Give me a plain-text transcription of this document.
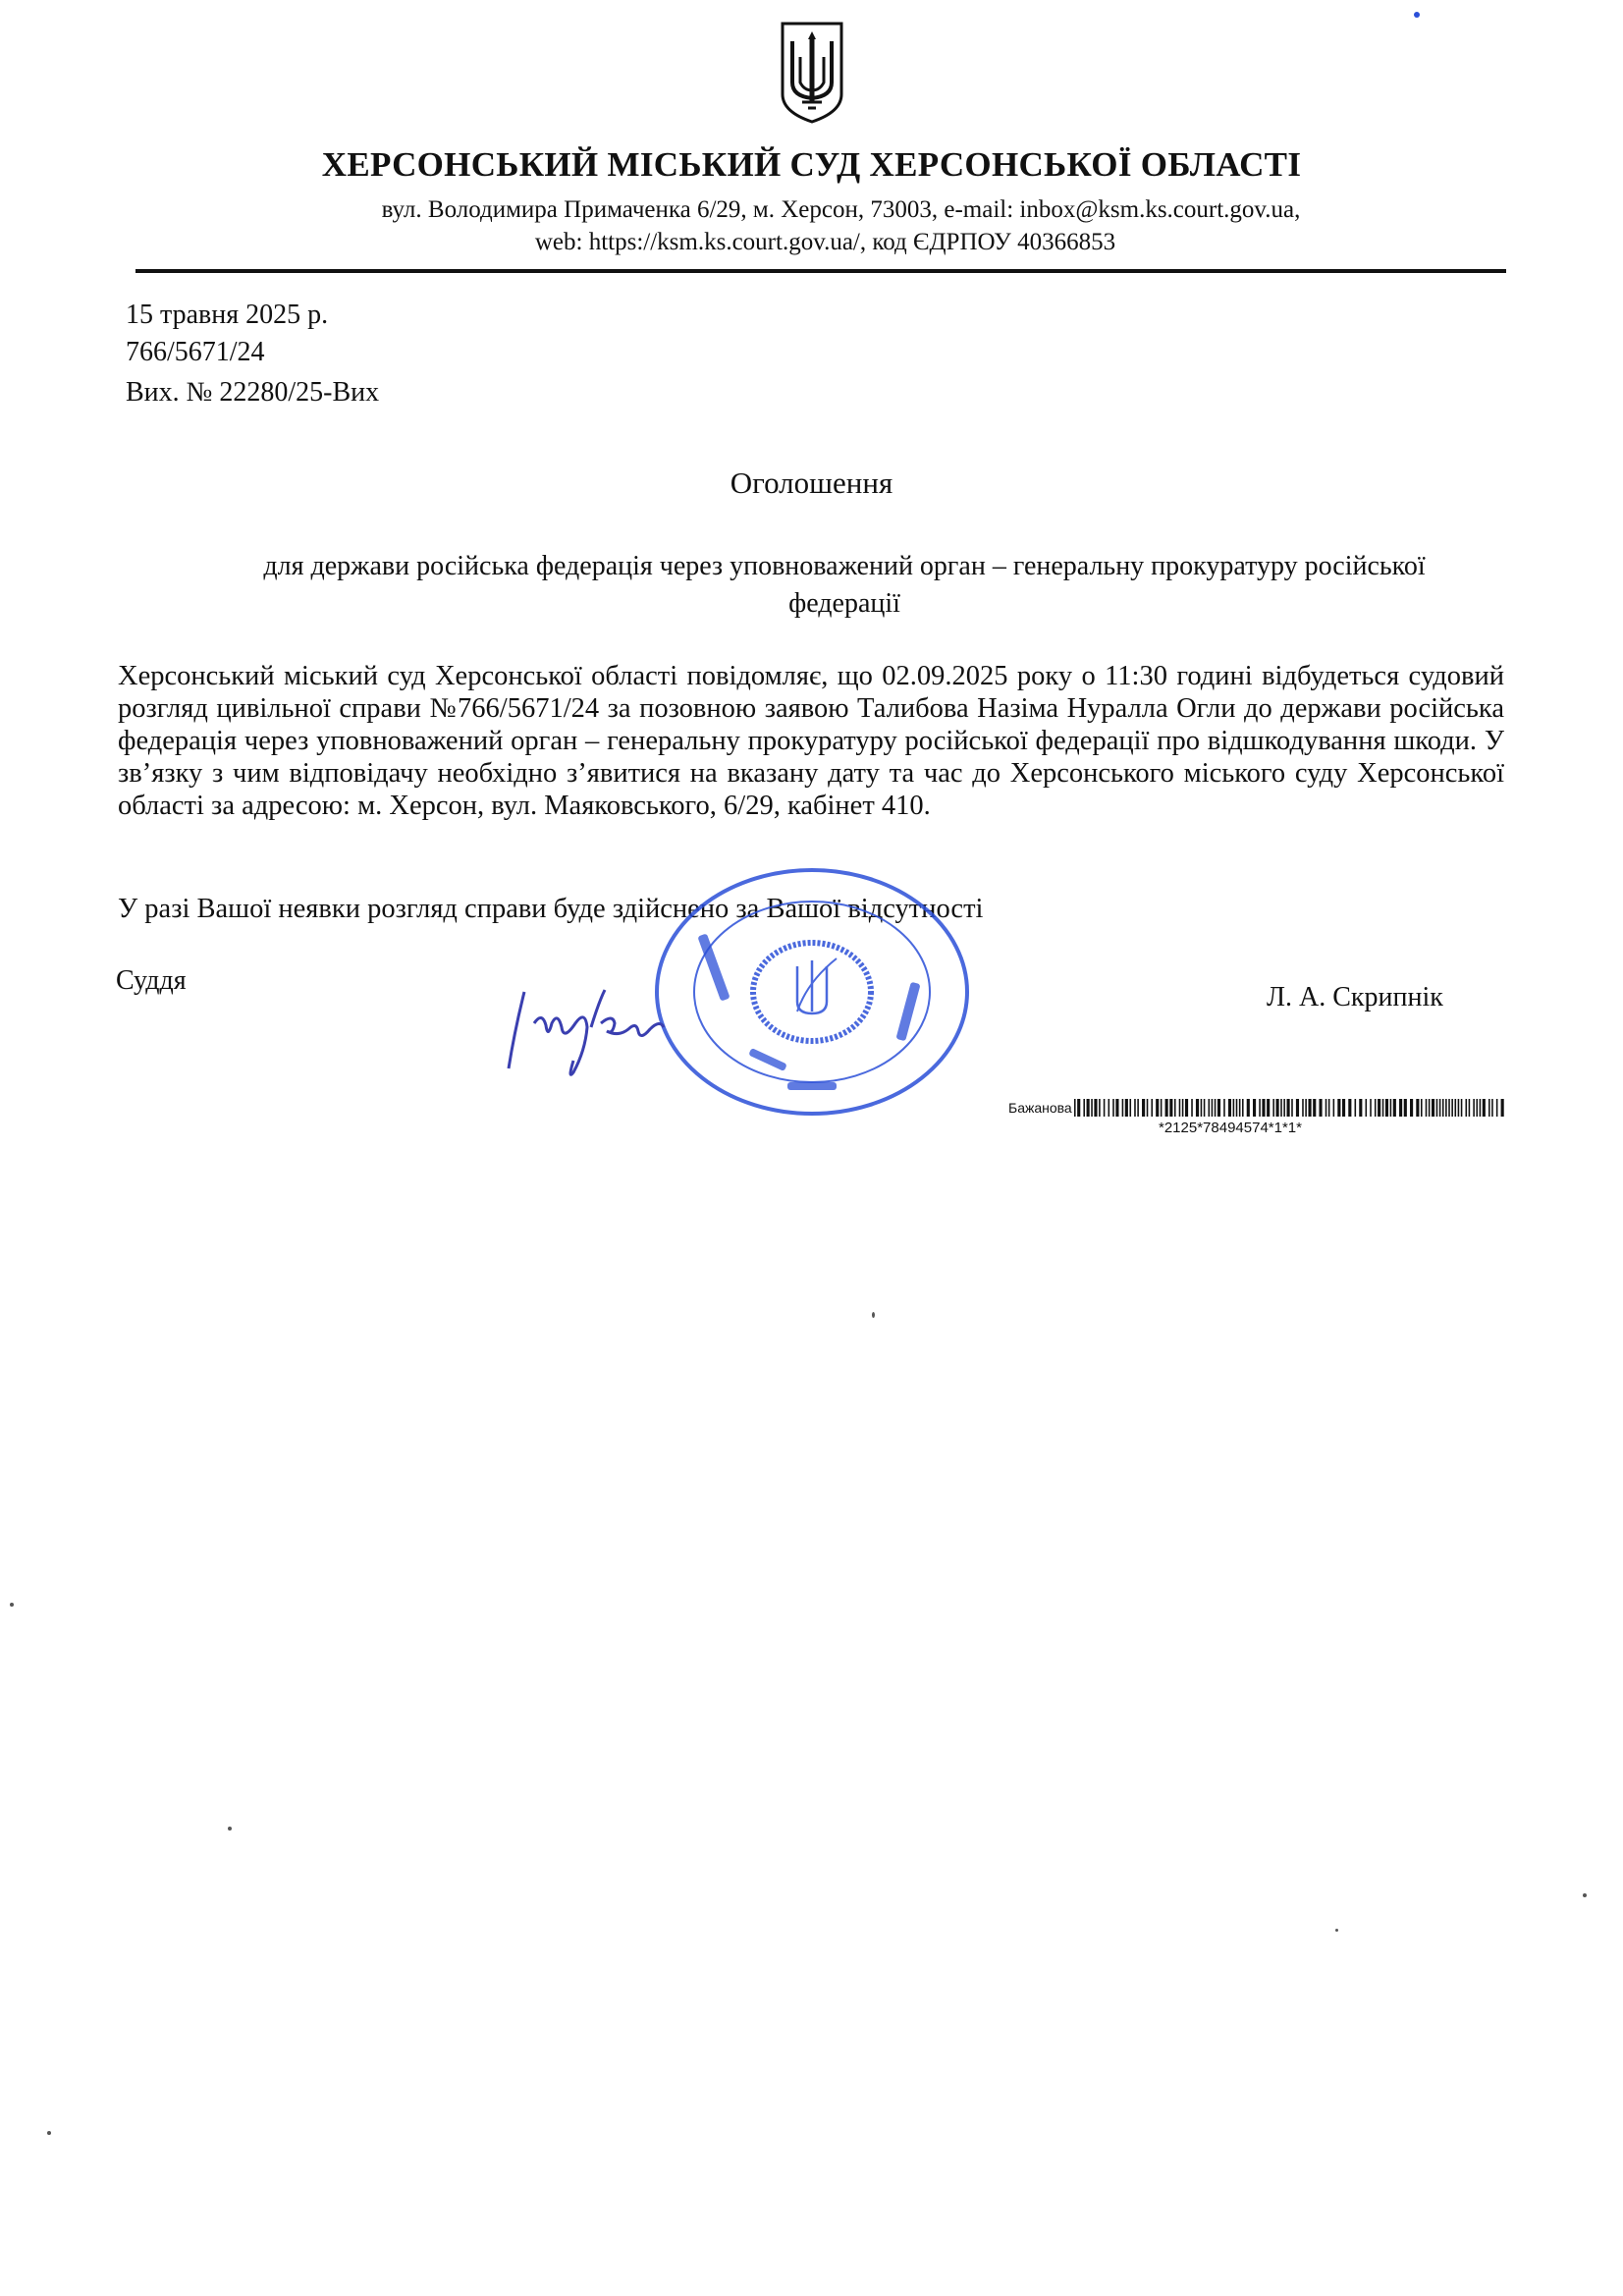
ХЕРСОНСЬКИЙ МІСЬКИЙ СУД ХЕРСОНСЬКОЇ ОБЛАСТІ
вул. Володимира Примаченка 6/29, м. Херсон, 73003, e-mail: inbox@ksm.ks.court.gov.ua,
web: https://ksm.ks.court.gov.ua/, код ЄДРПОУ 40366853
15 травня 2025 р.
766/5671/24
Вих. № 22280/25-Вих
Оголошення
для держави російська федерація через уповноважений орган – генеральну прокуратуру російської федерації
Херсонський міський суд Херсонської області повідомляє, що 02.09.2025 року о 11:30 годині відбудеться судовий розгляд цивільної справи №766/5671/24 за позовною заявою Талибова Назіма Нуралла Огли до держави російська федерація через уповноважений орган – генеральну прокуратуру російської федерації про відшкодування шкоди. У зв’язку з чим відповідачу необхідно з’явитися на вказану дату та час до Херсонського міського суду Херсонської області за адресою: м. Херсон, вул. Маяковського, 6/29, кабінет 410.
У разі Вашої неявки розгляд справи буде здійснено за Вашої відсутності
Суддя
Л. А. Скрипнік
Бажанова
*2125*78494574*1*1*
